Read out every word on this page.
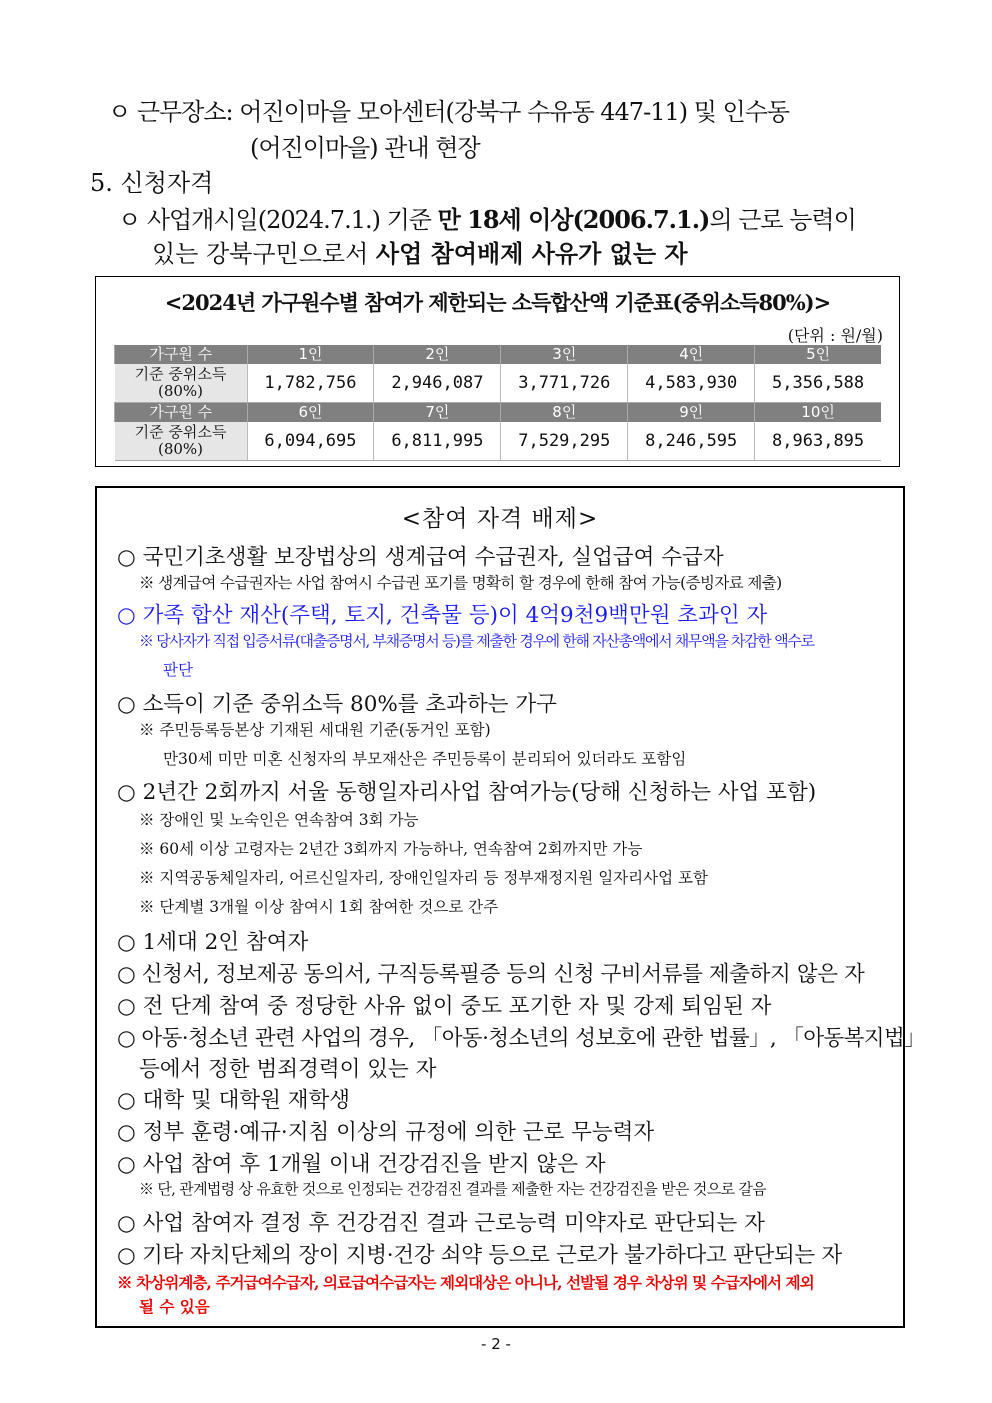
ㅇ 근무장소: 어진이마을 모아센터(강북구 수유동 447-11) 및 인수동
(어진이마을) 관내 현장
5. 신청자격
ㅇ 사업개시일(2024.7.1.) 기준 만 18세 이상(2006.7.1.)의 근로 능력이
있는 강북구민으로서 사업 참여배제 사유가 없는 자
<2024년 가구원수별 참여가 제한되는 소득합산액 기준표(중위소득80%)>
(단위 : 원/월)
가구원 수	1인	2인	3인	4인	5인
기준 중위소득
(80%)	1,782,756	2,946,087	3,771,726	4,583,930	5,356,588
가구원 수	6인	7인	8인	9인	10인
기준 중위소득
(80%)	6,094,695	6,811,995	7,529,295	8,246,595	8,963,895
<참여 자격 배제>
○ 국민기초생활 보장법상의 생계급여 수급권자, 실업급여 수급자
※ 생계급여 수급권자는 사업 참여시 수급권 포기를 명확히 할 경우에 한해 참여 가능(증빙자료 제출)
○ 가족 합산 재산(주택, 토지, 건축물 등)이 4억9천9백만원 초과인 자
※ 당사자가 직접 입증서류(대출증명서, 부채증명서 등)를 제출한 경우에 한해 자산총액에서 채무액을 차감한 액수로
판단
○ 소득이 기준 중위소득 80%를 초과하는 가구
※ 주민등록등본상 기재된 세대원 기준(동거인 포함)
만30세 미만 미혼 신청자의 부모재산은 주민등록이 분리되어 있더라도 포함임
○ 2년간 2회까지 서울 동행일자리사업 참여가능(당해 신청하는 사업 포함)
※ 장애인 및 노숙인은 연속참여 3회 가능
※ 60세 이상 고령자는 2년간 3회까지 가능하나, 연속참여 2회까지만 가능
※ 지역공동체일자리, 어르신일자리, 장애인일자리 등 정부재정지원 일자리사업 포함
※ 단계별 3개월 이상 참여시 1회 참여한 것으로 간주
○ 1세대 2인 참여자
○ 신청서, 정보제공 동의서, 구직등록필증 등의 신청 구비서류를 제출하지 않은 자
○ 전 단계 참여 중 정당한 사유 없이 중도 포기한 자 및 강제 퇴임된 자
○ 아동·청소년 관련 사업의 경우, 「아동·청소년의 성보호에 관한 법률」, 「아동복지법」
등에서 정한 범죄경력이 있는 자
○ 대학 및 대학원 재학생
○ 정부 훈령·예규·지침 이상의 규정에 의한 근로 무능력자
○ 사업 참여 후 1개월 이내 건강검진을 받지 않은 자
※ 단, 관계법령 상 유효한 것으로 인정되는 건강검진 결과를 제출한 자는 건강검진을 받은 것으로 갈음
○ 사업 참여자 결정 후 건강검진 결과 근로능력 미약자로 판단되는 자
○ 기타 자치단체의 장이 지병·건강 쇠약 등으로 근로가 불가하다고 판단되는 자
※ 차상위계층, 주거급여수급자, 의료급여수급자는 제외대상은 아니나, 선발될 경우 차상위 및 수급자에서 제외
될 수 있음
- 2 -
